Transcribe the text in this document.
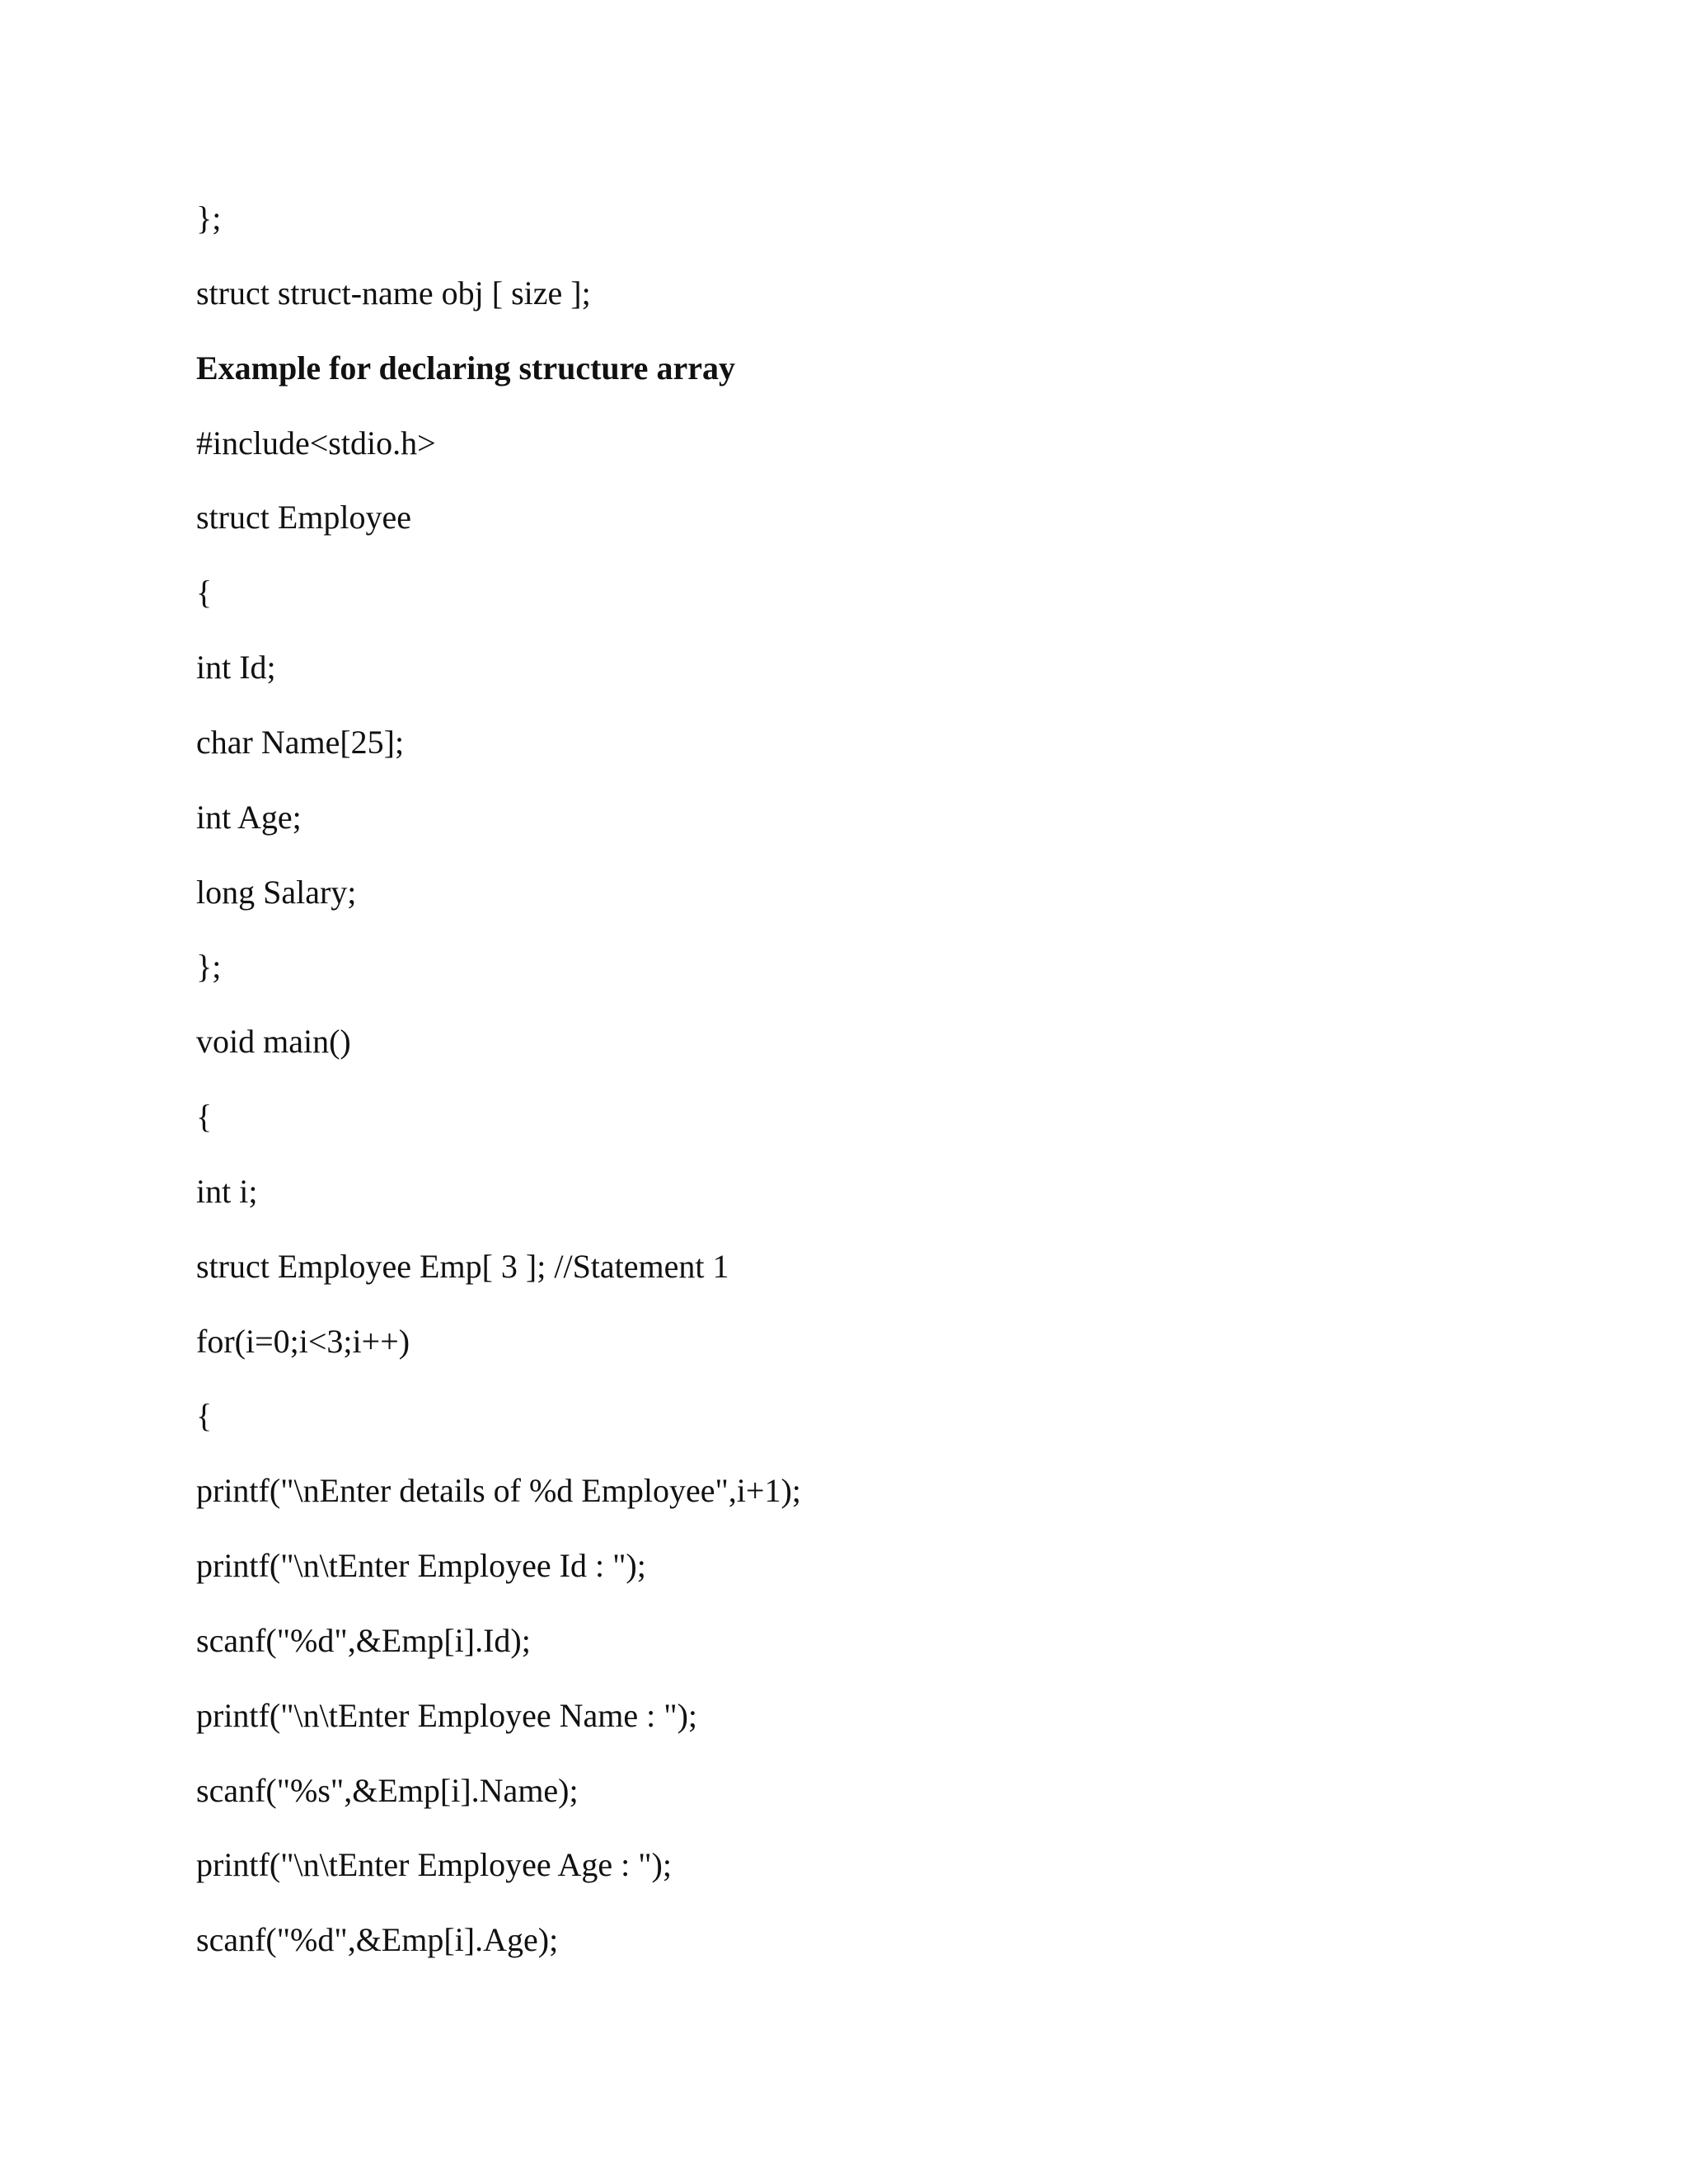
};

struct struct-name obj [ size ];

Example for declaring structure array

#include<stdio.h>

struct Employee

{

int Id;

char Name[25];

int Age;

long Salary;

};

void main()

{

int i;

struct Employee Emp[ 3 ]; //Statement 1

for(i=0;i<3;i++)

{

printf("\nEnter details of %d Employee",i+1);

printf("\n\tEnter Employee Id : ");

scanf("%d",&Emp[i].Id);

printf("\n\tEnter Employee Name : ");

scanf("%s",&Emp[i].Name);

printf("\n\tEnter Employee Age : ");

scanf("%d",&Emp[i].Age);
